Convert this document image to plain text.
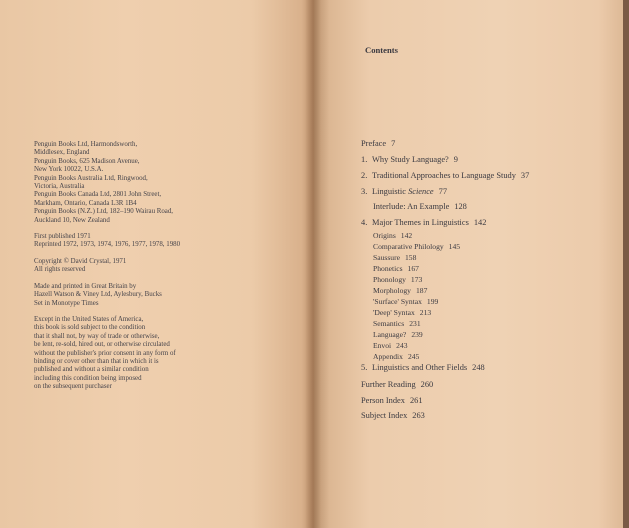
Penguin Books Ltd, Harmondsworth,
Middlesex, England
Penguin Books, 625 Madison Avenue,
New York 10022, U.S.A.
Penguin Books Australia Ltd, Ringwood,
Victoria, Australia
Penguin Books Canada Ltd, 2801 John Street,
Markham, Ontario, Canada L3R 1B4
Penguin Books (N.Z.) Ltd, 182–190 Wairau Road,
Auckland 10, New Zealand
First published 1971
Reprinted 1972, 1973, 1974, 1976, 1977, 1978, 1980
Copyright © David Crystal, 1971
All rights reserved
Made and printed in Great Britain by
Hazell Watson & Viney Ltd, Aylesbury, Bucks
Set in Monotype Times
Except in the United States of America,
this book is sold subject to the condition
that it shall not, by way of trade or otherwise,
be lent, re-sold, hired out, or otherwise circulated
without the publisher's prior consent in any form of
binding or cover other than that in which it is
published and without a similar condition
including this condition being imposed
on the subsequent purchaser
Contents
Preface 7
1. Why Study Language? 9
2. Traditional Approaches to Language Study 37
3. Linguistic Science 77
Interlude: An Example 128
4. Major Themes in Linguistics 142
Origins 142
Comparative Philology 145
Saussure 158
Phonetics 167
Phonology 173
Morphology 187
'Surface' Syntax 199
'Deep' Syntax 213
Semantics 231
Language? 239
Envoi 243
Appendix 245
5. Linguistics and Other Fields 248
Further Reading 260
Person Index 261
Subject Index 263
